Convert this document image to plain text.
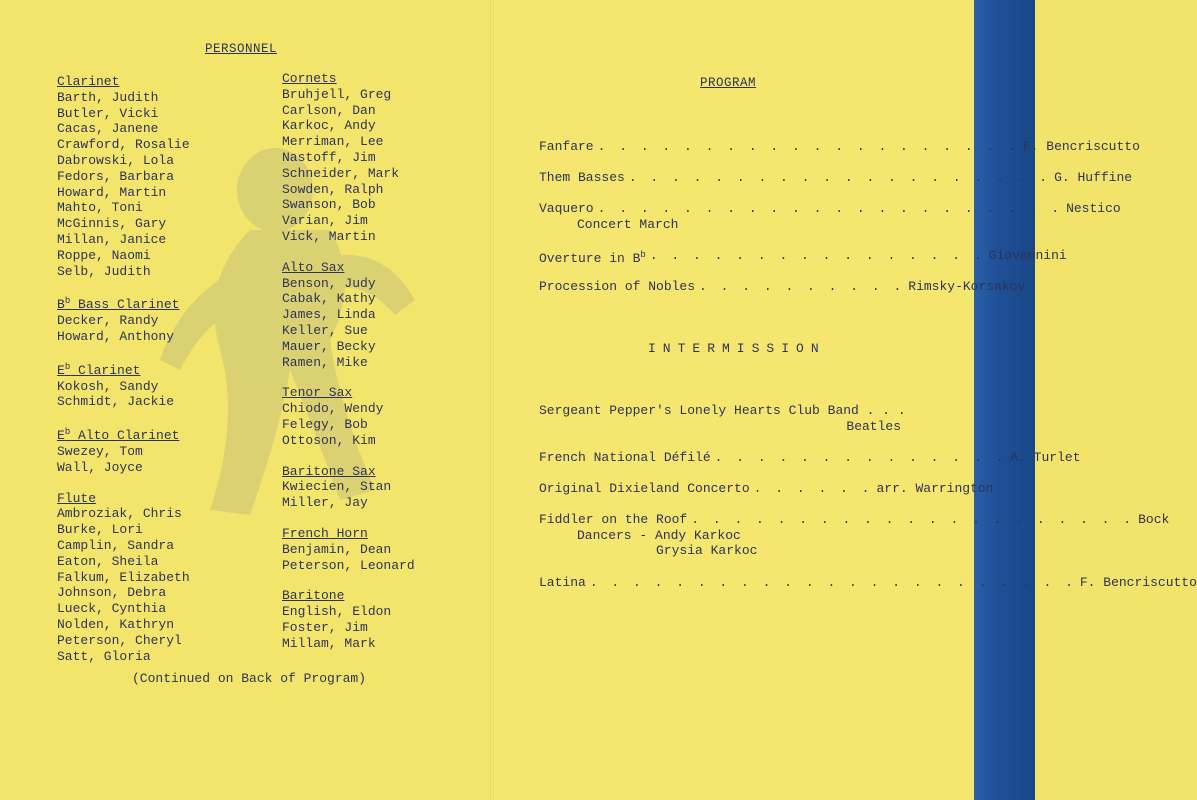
PERSONNEL
Clarinet
Barth, Judith
Butler, Vicki
Cacas, Janene
Crawford, Rosalie
Dabrowski, Lola
Fedors, Barbara
Howard, Martin
Mahto, Toni
McGinnis, Gary
Millan, Janice
Roppe, Naomi
Selb, Judith
$B^b$ Bass Clarinet
Decker, Randy
Howard, Anthony
$E^b$ Clarinet
Kokosh, Sandy
Schmidt, Jackie
$E^b$ Alto Clarinet
Swezey, Tom
Wall, Joyce
Flute
Ambroziak, Chris
Burke, Lori
Camplin, Sandra
Eaton, Sheila
Falkum, Elizabeth
Johnson, Debra
Lueck, Cynthia
Nolden, Kathryn
Peterson, Cheryl
Satt, Gloria
Cornets
Bruhjell, Greg
Carlson, Dan
Karkoc, Andy
Merriman, Lee
Nastoff, Jim
Schneider, Mark
Sowden, Ralph
Swanson, Bob
Varian, Jim
Vick, Martin
Alto Sax
Benson, Judy
Cabak, Kathy
James, Linda
Keller, Sue
Mauer, Becky
Ramen, Mike
Tenor Sax
Chiodo, Wendy
Felegy, Bob
Ottoson, Kim
Baritone Sax
Kwiecien, Stan
Miller, Jay
French Horn
Benjamin, Dean
Peterson, Leonard
Baritone
English, Eldon
Foster, Jim
Millam, Mark
(Continued on Back of Program)
PROGRAM
Fanfare . . . . . . . . . . . . . . . . . . . . F. Bencriscutto
Them Basses . . . . . . . . . . . . . . . . . . . . G. Huffine
Vaquero . . . . . . . . . . . . . . . . . . . . . . Nestico
Concert March
Overture in $B^b$ . . . . . . . . . . . . . . . . Giovannini
Procession of Nobles . . . . . . . . . . Rimsky-Korsakov
INTERMISSION
Sergeant Pepper's Lonely Hearts Club Band . . .
Beatles
French National Défilé . . . . . . . . . . . . . . A. Turlet
Original Dixieland Concerto . . . . . . arr. Warrington
Fiddler on the Roof . . . . . . . . . . . . . . . . . . . . . Bock
Dancers - Andy Karkoc
Grysia Karkoc
Latina . . . . . . . . . . . . . . . . . . . . . . . F. Bencriscutto
